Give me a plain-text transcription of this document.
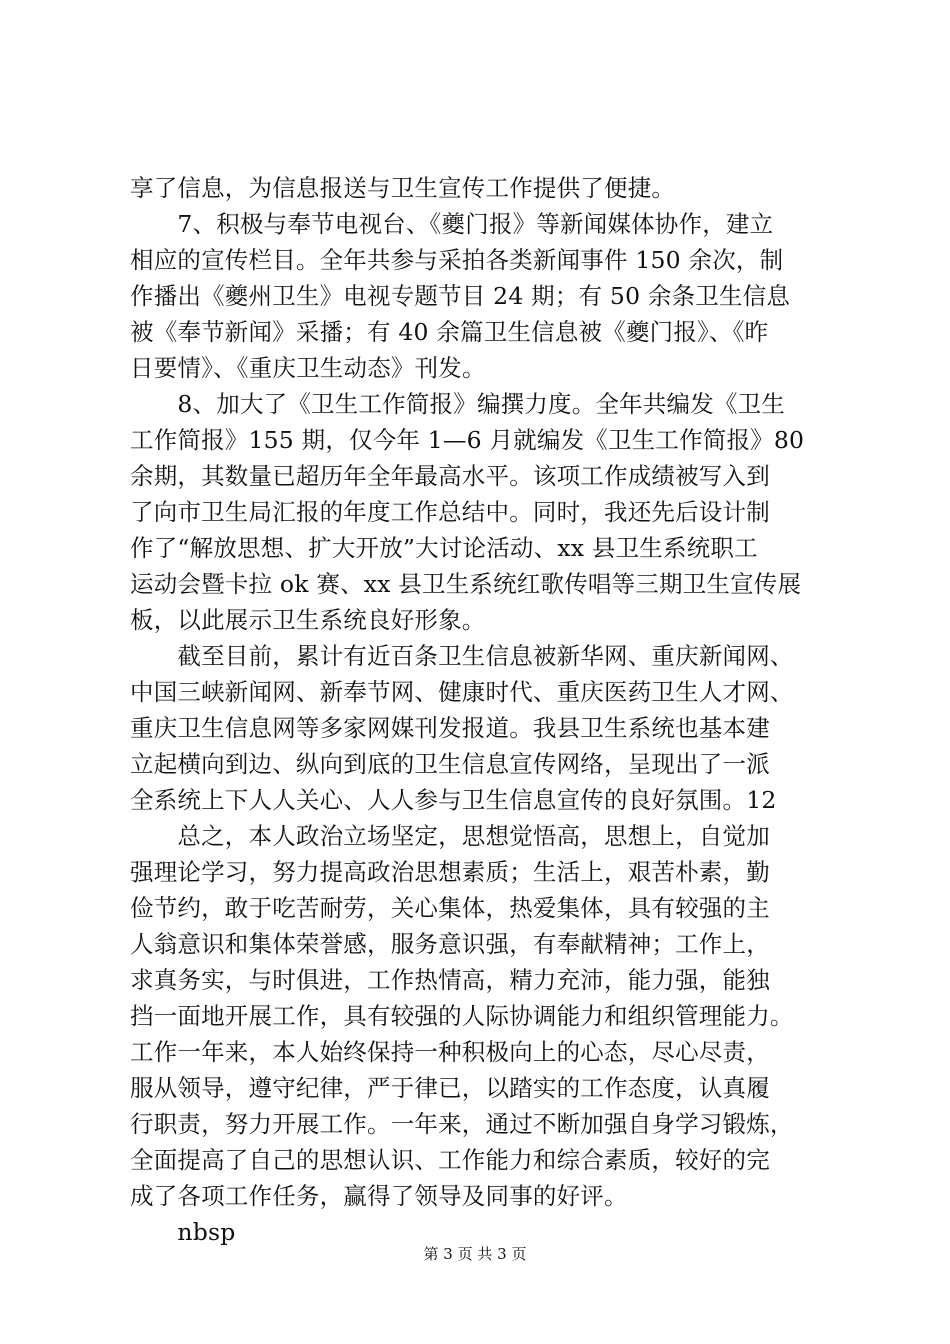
享了信息，为信息报送与卫生宣传工作提供了便捷。
　　7、积极与奉节电视台、《夔门报》等新闻媒体协作，建立
相应的宣传栏目。全年共参与采拍各类新闻事件 150 余次，制
作播出《夔州卫生》电视专题节目 24 期；有 50 余条卫生信息
被《奉节新闻》采播；有 40 余篇卫生信息被《夔门报》、《昨
日要情》、《重庆卫生动态》刊发。
　　8、加大了《卫生工作简报》编撰力度。全年共编发《卫生
工作简报》155 期，仅今年 1—6 月就编发《卫生工作简报》80
余期，其数量已超历年全年最高水平。该项工作成绩被写入到
了向市卫生局汇报的年度工作总结中。同时，我还先后设计制
作了“解放思想、扩大开放”大讨论活动、xx 县卫生系统职工
运动会暨卡拉 ok 赛、xx 县卫生系统红歌传唱等三期卫生宣传展
板，以此展示卫生系统良好形象。
　　截至目前，累计有近百条卫生信息被新华网、重庆新闻网、
中国三峡新闻网、新奉节网、健康时代、重庆医药卫生人才网、
重庆卫生信息网等多家网媒刊发报道。我县卫生系统也基本建
立起横向到边、纵向到底的卫生信息宣传网络，呈现出了一派
全系统上下人人关心、人人参与卫生信息宣传的良好氛围。12
　　总之，本人政治立场坚定，思想觉悟高，思想上，自觉加
强理论学习，努力提高政治思想素质；生活上，艰苦朴素，勤
俭节约，敢于吃苦耐劳，关心集体，热爱集体，具有较强的主
人翁意识和集体荣誉感，服务意识强，有奉献精神；工作上，
求真务实，与时俱进，工作热情高，精力充沛，能力强，能独
挡一面地开展工作，具有较强的人际协调能力和组织管理能力。
工作一年来，本人始终保持一种积极向上的心态，尽心尽责，
服从领导，遵守纪律，严于律已，以踏实的工作态度，认真履
行职责，努力开展工作。一年来，通过不断加强自身学习锻炼，
全面提高了自己的思想认识、工作能力和综合素质，较好的完
成了各项工作任务，赢得了领导及同事的好评。
　　nbsp
第 3 页 共 3 页
